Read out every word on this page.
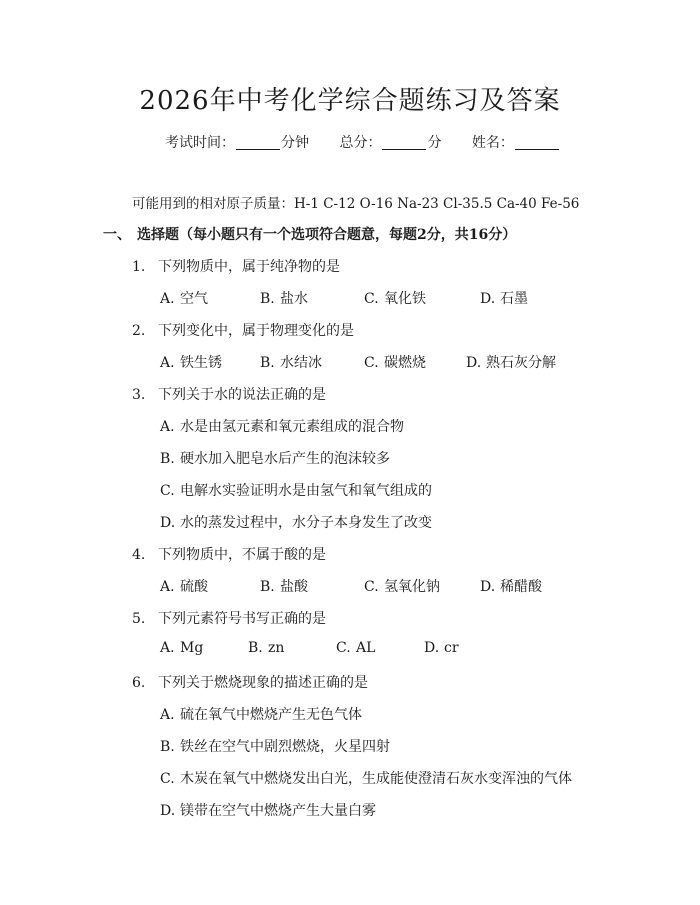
2026年中考化学综合题练习及答案
考试时间：	分钟 总分：	分 姓名：
可能用到的相对原子质量：H-1 C-12 O-16 Na-23 Cl-35.5 Ca-40 Fe-56
一、 选择题（每小题只有一个选项符合题意，每题2分，共16分）
1. 下列物质中，属于纯净物的是
A. 空气	B. 盐水	C. 氧化铁	D. 石墨
2. 下列变化中，属于物理变化的是
A. 铁生锈	B. 水结冰	C. 碳燃烧	D. 熟石灰分解
3. 下列关于水的说法正确的是
A. 水是由氢元素和氧元素组成的混合物
B. 硬水加入肥皂水后产生的泡沫较多
C. 电解水实验证明水是由氢气和氧气组成的
D. 水的蒸发过程中，水分子本身发生了改变
4. 下列物质中，不属于酸的是
A. 硫酸	B. 盐酸	C. 氢氧化钠	D. 稀醋酸
5. 下列元素符号书写正确的是
A. Mg	B. zn	C. AL	D. cr
6. 下列关于燃烧现象的描述正确的是
A. 硫在氧气中燃烧产生无色气体
B. 铁丝在空气中剧烈燃烧，火星四射
C. 木炭在氧气中燃烧发出白光，生成能使澄清石灰水变浑浊的气体
D. 镁带在空气中燃烧产生大量白雾
